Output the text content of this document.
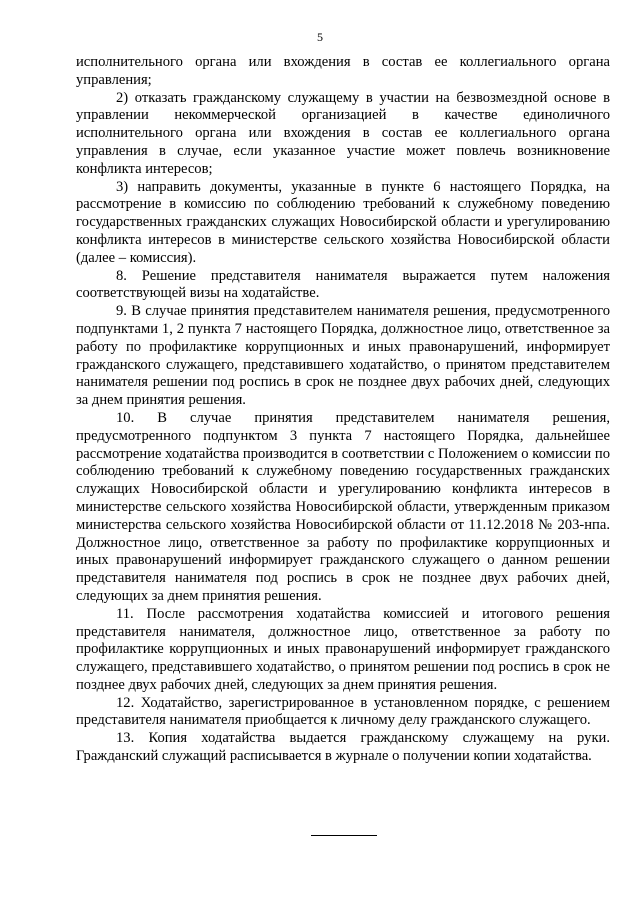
5

исполнительного органа или вхождения в состав ее коллегиального органа управления;

2) отказать гражданскому служащему в участии на безвозмездной основе в управлении некоммерческой организацией в качестве единоличного исполнительного органа или вхождения в состав ее коллегиального органа управления в случае, если указанное участие может повлечь возникновение конфликта интересов;

3) направить документы, указанные в пункте 6 настоящего Порядка, на рассмотрение в комиссию по соблюдению требований к служебному поведению государственных гражданских служащих Новосибирской области и урегулированию конфликта интересов в министерстве сельского хозяйства Новосибирской области (далее – комиссия).

8. Решение представителя нанимателя выражается путем наложения соответствующей визы на ходатайстве.

9. В случае принятия представителем нанимателя решения, предусмотренного подпунктами 1, 2 пункта 7 настоящего Порядка, должностное лицо, ответственное за работу по профилактике коррупционных и иных правонарушений, информирует гражданского служащего, представившего ходатайство, о принятом представителем нанимателя решении под роспись в срок не позднее двух рабочих дней, следующих за днем принятия решения.

10. В случае принятия представителем нанимателя решения, предусмотренного подпунктом 3 пункта 7 настоящего Порядка, дальнейшее рассмотрение ходатайства производится в соответствии с Положением о комиссии по соблюдению требований к служебному поведению государственных гражданских служащих Новосибирской области и урегулированию конфликта интересов в министерстве сельского хозяйства Новосибирской области, утвержденным приказом министерства сельского хозяйства Новосибирской области от 11.12.2018 № 203-нпа. Должностное лицо, ответственное за работу по профилактике коррупционных и иных правонарушений информирует гражданского служащего о данном решении представителя нанимателя под роспись в срок не позднее двух рабочих дней, следующих за днем принятия решения.

11. После рассмотрения ходатайства комиссией и итогового решения представителя нанимателя, должностное лицо, ответственное за работу по профилактике коррупционных и иных правонарушений информирует гражданского служащего, представившего ходатайство, о принятом решении под роспись в срок не позднее двух рабочих дней, следующих за днем принятия решения.

12. Ходатайство, зарегистрированное в установленном порядке, с решением представителя нанимателя приобщается к личному делу гражданского служащего.

13. Копия ходатайства выдается гражданскому служащему на руки. Гражданский служащий расписывается в журнале о получении копии ходатайства.
